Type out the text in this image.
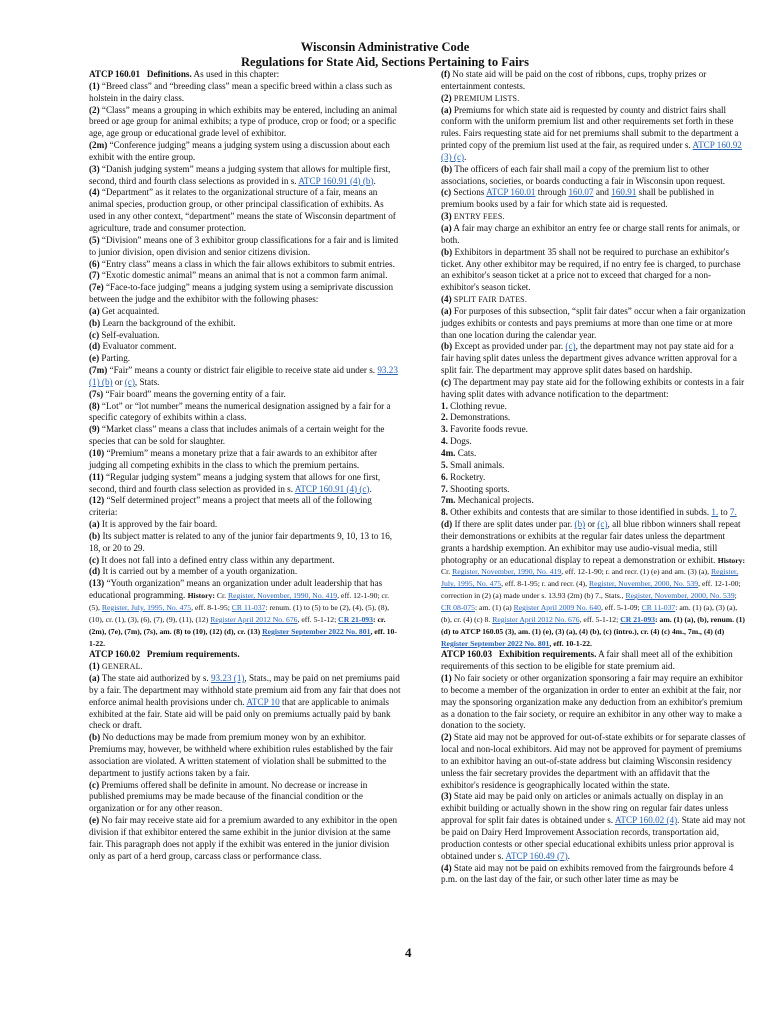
Wisconsin Administrative Code
Regulations for State Aid, Sections Pertaining to Fairs

ATCP 160.01   Definitions. As used in this chapter:

(1) “Breed class” and “breeding class” mean a specific breed within a class such as holstein in the dairy class.

(2) “Class” means a grouping in which exhibits may be entered, including an animal breed or age group for animal exhibits; a type of produce, crop or food; or a specific age, age group or educational grade level of exhibitor.

(2m) “Conference judging” means a judging system using a discussion about each exhibit with the entire group.

(3) “Danish judging system” means a judging system that allows for multiple first, second, third and fourth class selections as provided in s. ATCP 160.91 (4) (b).

(4) “Department” as it relates to the organizational structure of a fair, means an animal species, production group, or other principal classification of exhibits. As used in any other context, “department” means the state of Wisconsin department of agriculture, trade and consumer protection.

(5) “Division” means one of 3 exhibitor group classifications for a fair and is limited to junior division, open division and senior citizens division.

(6) “Entry class” means a class in which the fair allows exhibitors to submit entries.

(7) “Exotic domestic animal” means an animal that is not a common farm animal.

(7e) “Face-to-face judging” means a judging system using a semiprivate discussion between the judge and the exhibitor with the following phases:

(a) Get acquainted.

(b) Learn the background of the exhibit.

(c) Self-evaluation.

(d) Evaluator comment.

(e) Parting.

(7m) “Fair” means a county or district fair eligible to receive state aid under s. 93.23 (1) (b) or (c), Stats.

(7s) “Fair board” means the governing entity of a fair.

(8) “Lot” or “lot number” means the numerical designation assigned by a fair for a specific category of exhibits within a class.

(9) “Market class” means a class that includes animals of a certain weight for the species that can be sold for slaughter.

(10) “Premium” means a monetary prize that a fair awards to an exhibitor after judging all competing exhibits in the class to which the premium pertains.

(11) “Regular judging system” means a judging system that allows for one first, second, third and fourth class selection as provided in s. ATCP 160.91 (4) (c).

(12) “Self determined project” means a project that meets all of the following criteria:

(a) It is approved by the fair board.

(b) Its subject matter is related to any of the junior fair departments 9, 10, 13 to 16, 18, or 20 to 29.

(c) It does not fall into a defined entry class within any department.

(d) It is carried out by a member of a youth organization.

(13) “Youth organization” means an organization under adult leadership that has educational programming. History: Cr. Register, November, 1990, No. 419, eff. 12-1-90; cr. (5), Register, July, 1995, No. 475, eff. 8-1-95; CR 11-037: renum. (1) to (5) to be (2), (4), (5), (8), (10), cr. (1), (3), (6), (7), (9), (11), (12) Register April 2012 No. 676, eff. 5-1-12; CR 21-093: cr. (2m), (7e), (7m), (7s), am. (8) to (10), (12) (d), cr. (13) Register September 2022 No. 801, eff. 10-1-22.

ATCP 160.02   Premium requirements.

(1) GENERAL.

(a) The state aid authorized by s. 93.23 (1), Stats., may be paid on net premiums paid by a fair. The department may withhold state premium aid from any fair that does not enforce animal health provisions under ch. ATCP 10 that are applicable to animals exhibited at the fair. State aid will be paid only on premiums actually paid by bank check or draft.

(b) No deductions may be made from premium money won by an exhibitor. Premiums may, however, be withheld where exhibition rules established by the fair association are violated. A written statement of violation shall be submitted to the department to justify actions taken by a fair.

(c) Premiums offered shall be definite in amount. No decrease or increase in published premiums may be made because of the financial condition or the organization or for any other reason.

(e) No fair may receive state aid for a premium awarded to any exhibitor in the open division if that exhibitor entered the same exhibit in the junior division at the same fair. This paragraph does not apply if the exhibit was entered in the junior division only as part of a herd group, carcass class or performance class.

(f) No state aid will be paid on the cost of ribbons, cups, trophy prizes or entertainment contests.

(2) PREMIUM LISTS.

(a) Premiums for which state aid is requested by county and district fairs shall conform with the uniform premium list and other requirements set forth in these rules. Fairs requesting state aid for net premiums shall submit to the department a printed copy of the premium list used at the fair, as required under s. ATCP 160.92 (3) (c).

(b) The officers of each fair shall mail a copy of the premium list to other associations, societies, or boards conducting a fair in Wisconsin upon request.

(c) Sections ATCP 160.01 through 160.07 and 160.91 shall be published in premium books used by a fair for which state aid is requested.

(3) ENTRY FEES.

(a) A fair may charge an exhibitor an entry fee or charge stall rents for animals, or both.

(b) Exhibitors in department 35 shall not be required to purchase an exhibitor's ticket. Any other exhibitor may be required, if no entry fee is charged, to purchase an exhibitor's season ticket at a price not to exceed that charged for a non-exhibitor's season ticket.

(4) SPLIT FAIR DATES.

(a) For purposes of this subsection, “split fair dates” occur when a fair organization judges exhibits or contests and pays premiums at more than one time or at more than one location during the calendar year.

(b) Except as provided under par. (c), the department may not pay state aid for a fair having split dates unless the department gives advance written approval for a split fair. The department may approve split dates based on hardship.

(c) The department may pay state aid for the following exhibits or contests in a fair having split dates with advance notification to the department:

1. Clothing revue.

2. Demonstrations.

3. Favorite foods revue.

4. Dogs.

4m. Cats.

5. Small animals.

6. Rocketry.

7. Shooting sports.

7m. Mechanical projects.

8. Other exhibits and contests that are similar to those identified in subds. 1. to 7.

(d) If there are split dates under par. (b) or (c), all blue ribbon winners shall repeat their demonstrations or exhibits at the regular fair dates unless the department grants a hardship exemption. An exhibitor may use audio-visual media, still photography or an educational display to repeat a demonstration or exhibit. History: Cr. Register, November, 1990, No. 419, eff. 12-1-90; r. and recr. (1) (e) and am. (3) (a), Register, July, 1995, No. 475, eff. 8-1-95; r. and recr. (4), Register, November, 2000, No. 539, eff. 12-1-00; correction in (2) (a) made under s. 13.93 (2m) (b) 7., Stats., Register, November, 2000, No. 539; CR 08-075: am. (1) (a) Register April 2009 No. 640, eff. 5-1-09; CR 11-037: am. (1) (a), (3) (a), (b), cr. (4) (c) 8. Register April 2012 No. 676, eff. 5-1-12; CR 21-093: am. (1) (a), (b), renum. (1) (d) to ATCP 160.05 (3), am. (1) (e), (3) (a), (4) (b), (c) (intro.), cr. (4) (c) 4m., 7m., (4) (d) Register September 2022 No. 801, eff. 10-1-22.

ATCP 160.03   Exhibition requirements. A fair shall meet all of the exhibition requirements of this section to be eligible for state premium aid.

(1) No fair society or other organization sponsoring a fair may require an exhibitor to become a member of the organization in order to enter an exhibit at the fair, nor may the sponsoring organization make any deduction from an exhibitor's premium as a donation to the fair society, or require an exhibitor in any other way to make a donation to the society.

(2) State aid may not be approved for out-of-state exhibits or for separate classes of local and non-local exhibitors. Aid may not be approved for payment of premiums to an exhibitor having an out-of-state address but claiming Wisconsin residency unless the fair secretary provides the department with an affidavit that the exhibitor's residence is geographically located within the state.

(3) State aid may be paid only on articles or animals actually on display in an exhibit building or actually shown in the show ring on regular fair dates unless approval for split fair dates is obtained under s. ATCP 160.02 (4). State aid may not be paid on Dairy Herd Improvement Association records, transportation aid, production contests or other special educational exhibits unless prior approval is obtained under s. ATCP 160.49 (7).

(4) State aid may not be paid on exhibits removed from the fairgrounds before 4 p.m. on the last day of the fair, or such other later time as may be

4
